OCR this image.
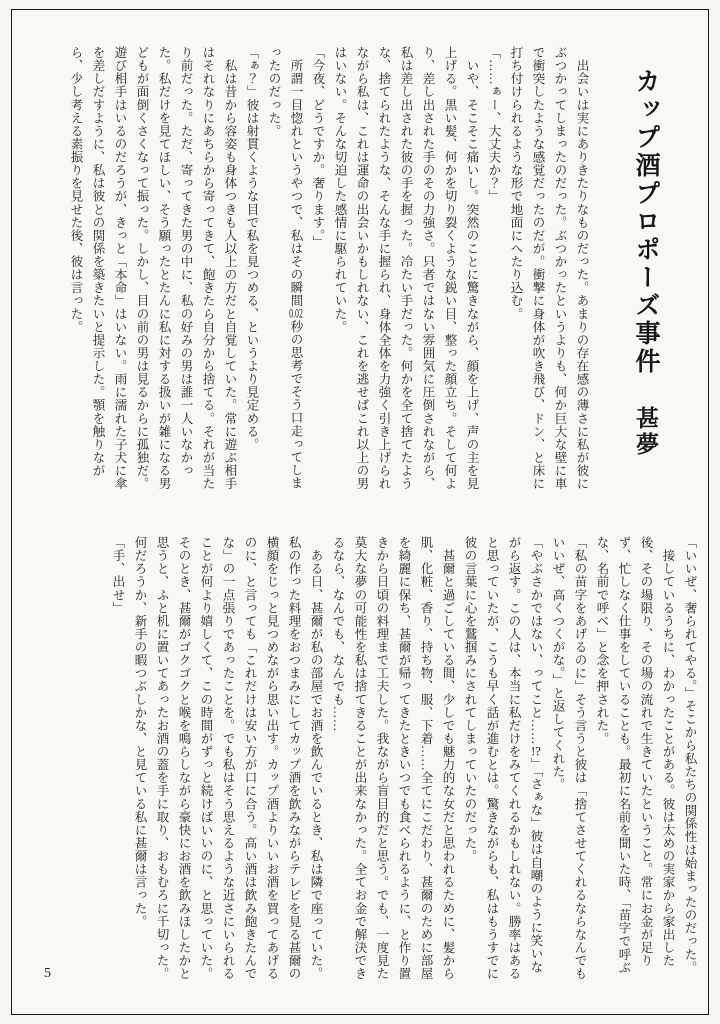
カップ酒プロポーズ事件甚夢

　出会いは実にありきたりなものだった。あまりの存在感の薄さに私が彼にぶつかってしまったのだった。ぶつかったというよりも、何か巨大な壁に車で衝突したような感覚だったのだが。衝撃に身体が吹き飛び、ドン、と床に打ち付けられるような形で地面にへたり込む。

「……ぁー、大丈夫か？」

　いや、そこそこ痛いし。突然のことに驚きながら、顔を上げ、声の主を見上げる。黒い髪、何かを切り裂くような鋭い目、整った顔立ち。そして何より、差し出された手のその力強さ。只者ではない雰囲気に圧倒されながら、私は差し出された彼の手を握った。冷たい手だった。何かを全て捨てたような、捨てられたような、そんな手に握られ、身体全体を力強く引き上げられながら私は、これは運命の出会いかもしれない、これを逃せばこれ以上の男はいない。そんな切迫した感情に駆られていた。

「今夜、どうですか。奢ります。」

　所謂一目惚れというやつで、私はその瞬間0.02秒の思考でそう口走ってしまったのだった。

「ぁ？」彼は射貫くような目で私を見つめる、というより見定める。

　私は昔から容姿も身体つきも人以上の方だと自覚していた。常に遊ぶ相手はそれなりにあちらから寄ってきて、飽きたら自分から捨てる。それが当たり前だった。ただ、寄ってきた男の中に、私の好みの男は誰一人いなかった。私だけを見てほしい、そう願ったとたんに私に対する扱いが雑になる男どもが面倒くさくなって振った。しかし、目の前の男は見るからに孤独だ。遊び相手はいるのだろうが、きっと「本命」はいない。雨に濡れた子犬に傘を差しだすように、私は彼との関係を築きたいと提示した。顎を触りながら、少し考える素振りを見せた後、彼は言った。

「いいぜ、奢られてやる。」そこから私たちの関係性は始まったのだった。

　接しているうちに、わかったことがある。彼は太めの実家から家出した後、その場限り、その場の流れで生きていたということ。常にお金が足りず、忙しなく仕事をしていることも。最初に名前を聞いた時、「苗字で呼ぶな、名前で呼べ」と念を押された。

「私の苗字をあげるのに」そう言うと彼は「捨てさせてくれるならなんでもいいぜ、高くつくがな。」と返してくれた。

「やぶさかではない、ってこと……!?」「さぁな」彼は自嘲のように笑いながら返す。この人は、本当に私だけをみてくれるかもしれない。勝率はあると思っていたが、こうも早く話が進むとは。驚きながらも、私はもうすでに彼の言葉に心を鷲掴みにされてしまっていたのだった。

　甚爾と過ごしている間、少しでも魅力的な女だと思われるために、髪から肌、化粧、香り、持ち物、服、下着……全てにこだわり、甚爾のために部屋を綺麗に保ち、甚爾が帰ってきたときいつでも食べられるように、と作り置きから日頃の料理まで工夫した。我ながら盲目的だと思う。でも、一度見た莫大な夢の可能性を私は捨てきることが出来なかった。全てお金で解決できるなら、なんでも、なんでも……

　ある日、甚爾が私の部屋でお酒を飲んでいるとき、私は隣で座っていた。私の作った料理をおつまみにしてカップ酒を飲みながらテレビを見る甚爾の横顔をじっと見つめながら思い出す。カップ酒よりいいお酒を買ってあげるのに、と言っても「これだけは安い方が口に合う。高い酒は飲み飽きたんでな」の一点張りであったことを。でも私はそう思えるような近さにいられることが何より嬉しくて、この時間がずっと続けばいいのに、と思っていた。そのとき、甚爾がゴクゴクと喉を鳴らしながら豪快にお酒を飲みほしたかと思うと、ふと机に置いてあったお酒の蓋を手に取り、おもむろに千切った。何だろうか、新手の暇つぶしかな、と見ている私に甚爾は言った。

「手、出せ」

5
